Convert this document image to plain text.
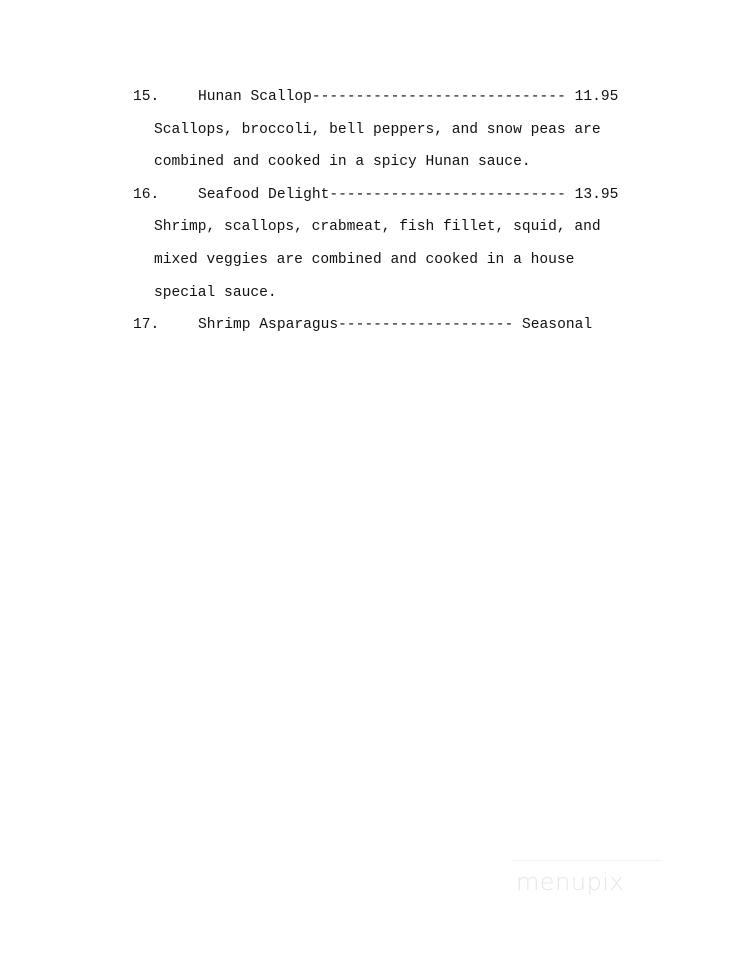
15.	Hunan Scallop----------------------------- 11.95
Scallops, broccoli, bell peppers, and snow peas are
combined and cooked in a spicy Hunan sauce.
16.	Seafood Delight--------------------------- 13.95
Shrimp, scallops, crabmeat, fish fillet, squid, and
mixed veggies are combined and cooked in a house
special sauce.
17.	Shrimp Asparagus-------------------- Seasonal
menupix
